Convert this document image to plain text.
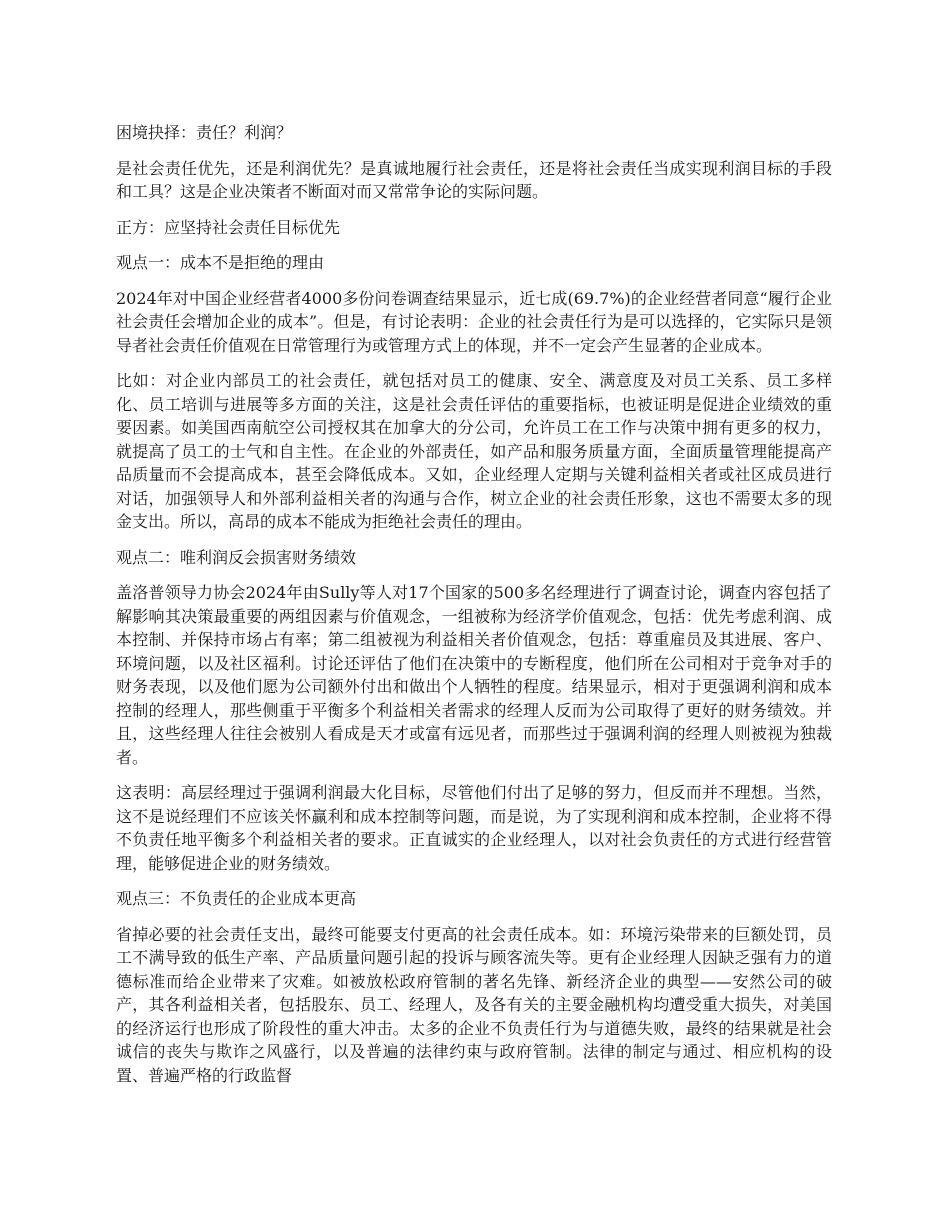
困境抉择：责任？利润？

是社会责任优先，还是利润优先？是真诚地履行社会责任，还是将社会责任当成实现利润目标的手段和工具？这是企业决策者不断面对而又常常争论的实际问题。

正方：应坚持社会责任目标优先

观点一：成本不是拒绝的理由

2024年对中国企业经营者4000多份问卷调查结果显示，近七成(69.7%)的企业经营者同意“履行企业社会责任会增加企业的成本”。但是，有讨论表明：企业的社会责任行为是可以选择的，它实际只是领导者社会责任价值观在日常管理行为或管理方式上的体现，并不一定会产生显著的企业成本。

比如：对企业内部员工的社会责任，就包括对员工的健康、安全、满意度及对员工关系、员工多样化、员工培训与进展等多方面的关注，这是社会责任评估的重要指标，也被证明是促进企业绩效的重要因素。如美国西南航空公司授权其在加拿大的分公司，允许员工在工作与决策中拥有更多的权力，就提高了员工的士气和自主性。在企业的外部责任，如产品和服务质量方面，全面质量管理能提高产品质量而不会提高成本，甚至会降低成本。又如，企业经理人定期与关键利益相关者或社区成员进行对话，加强领导人和外部利益相关者的沟通与合作，树立企业的社会责任形象，这也不需要太多的现金支出。所以，高昂的成本不能成为拒绝社会责任的理由。

观点二：唯利润反会损害财务绩效

盖洛普领导力协会2024年由Sully等人对17个国家的500多名经理进行了调查讨论，调查内容包括了解影响其决策最重要的两组因素与价值观念，一组被称为经济学价值观念，包括：优先考虑利润、成本控制、并保持市场占有率；第二组被视为利益相关者价值观念，包括：尊重雇员及其进展、客户、环境问题，以及社区福利。讨论还评估了他们在决策中的专断程度，他们所在公司相对于竞争对手的财务表现，以及他们愿为公司额外付出和做出个人牺牲的程度。结果显示，相对于更强调利润和成本控制的经理人，那些侧重于平衡多个利益相关者需求的经理人反而为公司取得了更好的财务绩效。并且，这些经理人往往会被别人看成是天才或富有远见者，而那些过于强调利润的经理人则被视为独裁者。

这表明：高层经理过于强调利润最大化目标，尽管他们付出了足够的努力，但反而并不理想。当然，这不是说经理们不应该关怀赢利和成本控制等问题，而是说，为了实现利润和成本控制，企业将不得不负责任地平衡多个利益相关者的要求。正直诚实的企业经理人，以对社会负责任的方式进行经营管理，能够促进企业的财务绩效。

观点三：不负责任的企业成本更高

省掉必要的社会责任支出，最终可能要支付更高的社会责任成本。如：环境污染带来的巨额处罚，员工不满导致的低生产率、产品质量问题引起的投诉与顾客流失等。更有企业经理人因缺乏强有力的道德标准而给企业带来了灾难。如被放松政府管制的著名先锋、新经济企业的典型——安然公司的破产，其各利益相关者，包括股东、员工、经理人，及各有关的主要金融机构均遭受重大损失，对美国的经济运行也形成了阶段性的重大冲击。太多的企业不负责任行为与道德失败，最终的结果就是社会诚信的丧失与欺诈之风盛行，以及普遍的法律约束与政府管制。法律的制定与通过、相应机构的设置、普遍严格的行政监督
